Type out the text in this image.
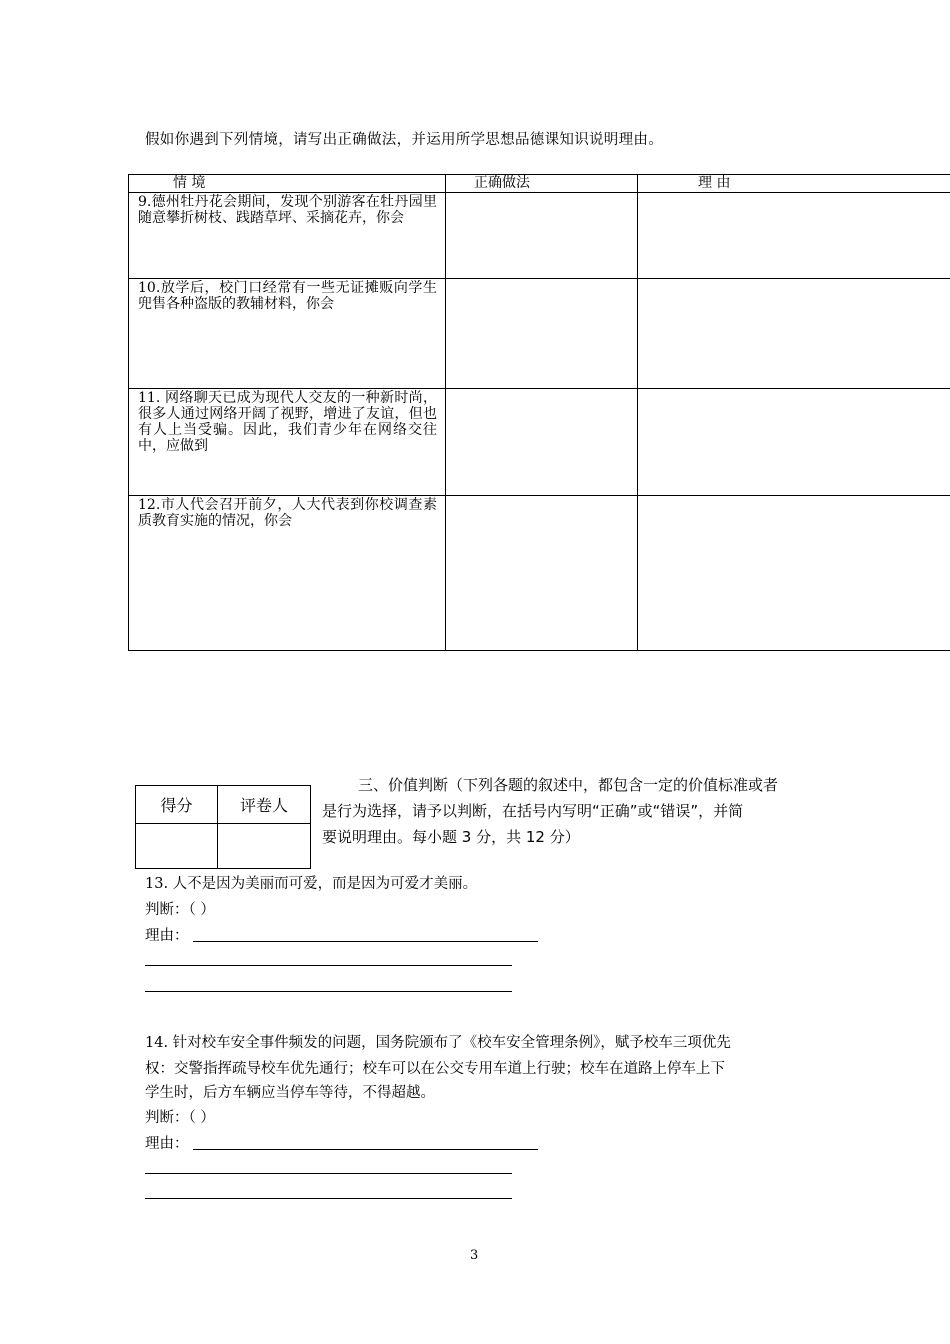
假如你遇到下列情境，请写出正确做法，并运用所学思想品德课知识说明理由。
情 境	正确做法	理 由

9.德州牡丹花会期间，发现个别游客在牡丹园里随意攀折树枝、践踏草坪、采摘花卉，你会		

10.放学后，校门口经常有一些无证摊贩向学生兜售各种盗版的教辅材料，你会		

11. 网络聊天已成为现代人交友的一种新时尚，很多人通过网络开阔了视野，增进了友谊，但也有人上当受骗。因此，我们青少年在网络交往中，应做到		

12.市人代会召开前夕，人大代表到你校调查素质教育实施的情况，你会		

得分	评卷人

三、价值判断（下列各题的叙述中，都包含一定的价值标准或者
是行为选择，请予以判断，在括号内写明“正确”或“错误”，并简
要说明理由。每小题 3 分，共 12 分）
13. 人不是因为美丽而可爱，而是因为可爱才美丽。
判断：（ ）
理由：
14. 针对校车安全事件频发的问题，国务院颁布了《校车安全管理条例》，赋予校车三项优先
权：交警指挥疏导校车优先通行；校车可以在公交专用车道上行驶；校车在道路上停车上下
学生时，后方车辆应当停车等待，不得超越。
判断：（ ）
理由：
3
